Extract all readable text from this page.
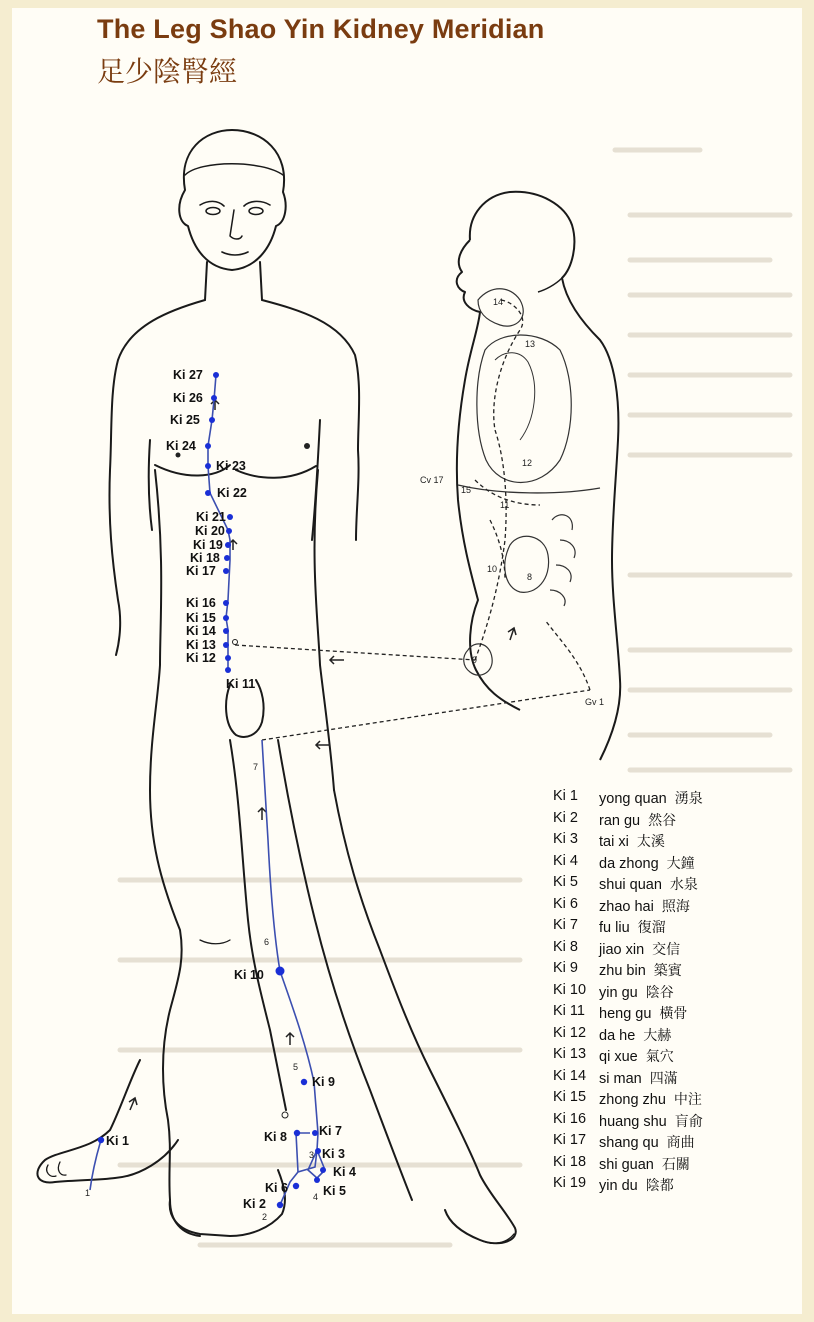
The Leg Shao Yin Kidney Meridian
足少陰腎經
Ki 1
Ki 2
Ki 3
Ki 4
Ki 5
Ki 6
Ki 7
Ki 8
Ki 9
Ki 10
Ki 11
Ki 12
Ki 13
Ki 14
Ki 15
Ki 16
Ki 17
Ki 18
Ki 19
Ki 20
Ki 21
Ki 22
Ki 23
Ki 24
Ki 25
Ki 26
Ki 27
1
2
3
4
5
6
7
8
9
10
11
12
13
14
15
Cv 17
Gv 1
Ki 1 yong quan 湧泉
Ki 2 ran gu 然谷
Ki 3 tai xi 太溪
Ki 4 da zhong 大鐘
Ki 5 shui quan 水泉
Ki 6 zhao hai 照海
Ki 7 fu liu 復溜
Ki 8 jiao xin 交信
Ki 9 zhu bin 築賓
Ki 10 yin gu 陰谷
Ki 11 heng gu 橫骨
Ki 12 da he 大赫
Ki 13 qi xue 氣穴
Ki 14 si man 四滿
Ki 15 zhong zhu 中注
Ki 16 huang shu 肓俞
Ki 17 shang qu 商曲
Ki 18 shi guan 石關
Ki 19 yin du 陰都
